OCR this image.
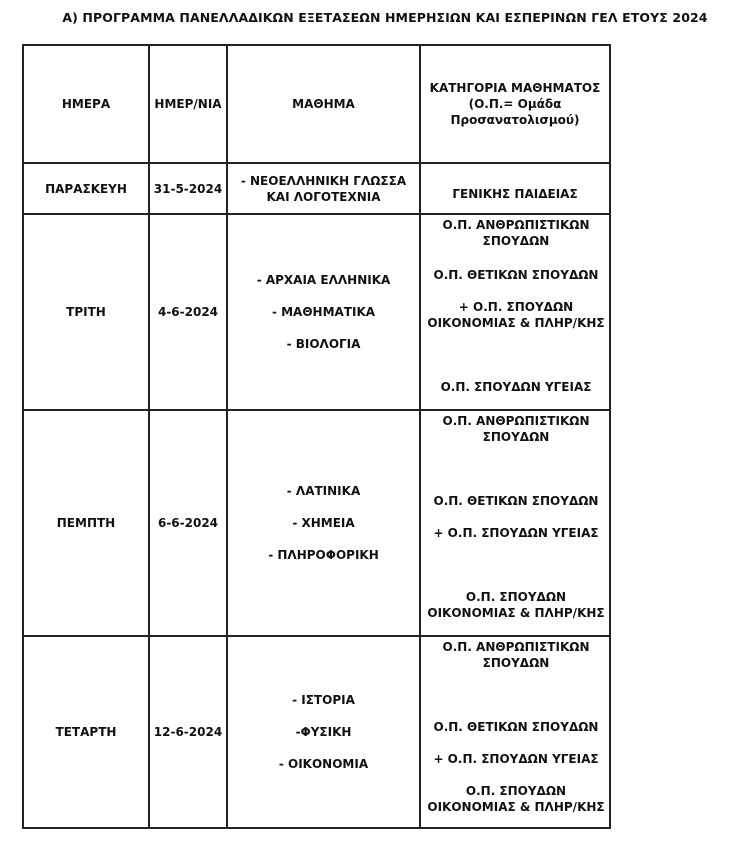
Α) ΠΡΟΓΡΑΜΜΑ ΠΑΝΕΛΛΑΔΙΚΩΝ ΕΞΕΤΑΣΕΩΝ ΗΜΕΡΗΣΙΩΝ ΚΑΙ ΕΣΠΕΡΙΝΩΝ ΓΕΛ ΕΤΟΥΣ 2024
ΗΜΕΡΑ	ΗΜΕΡ/ΝΙΑ	ΜΑΘΗΜΑ	ΚΑΤΗΓΟΡΙΑ ΜΑΘΗΜΑΤΟΣ
(Ο.Π.= Ομάδα
Προσανατολισμού)

ΠΑΡΑΣΚΕΥΗ	31-5-2024	- ΝΕΟΕΛΛΗΝΙΚΗ ΓΛΩΣΣΑ
ΚΑΙ ΛΟΓΟΤΕΧΝΙΑ	ΓΕΝΙΚΗΣ ΠΑΙΔΕΙΑΣ
ΤΡΙΤΗ	4-6-2024	- ΑΡΧΑΙΑ ΕΛΛΗΝΙΚΑ
- ΜΑΘΗΜΑΤΙΚΑ
- ΒΙΟΛΟΓΙΑ	Ο.Π. ΑΝΘΡΩΠΙΣΤΙΚΩΝ ΣΠΟΥΔΩΝ
Ο.Π. ΘΕΤΙΚΩΝ ΣΠΟΥΔΩΝ
+ Ο.Π. ΣΠΟΥΔΩΝ ΟΙΚΟΝΟΜΙΑΣ & ΠΛΗΡ/ΚΗΣ
Ο.Π. ΣΠΟΥΔΩΝ ΥΓΕΙΑΣ

ΠΕΜΠΤΗ	6-6-2024	- ΛΑΤΙΝΙΚΑ
- ΧΗΜΕΙΑ
- ΠΛΗΡΟΦΟΡΙΚΗ	Ο.Π. ΑΝΘΡΩΠΙΣΤΙΚΩΝ ΣΠΟΥΔΩΝ
Ο.Π. ΘΕΤΙΚΩΝ ΣΠΟΥΔΩΝ
+ Ο.Π. ΣΠΟΥΔΩΝ ΥΓΕΙΑΣ
Ο.Π. ΣΠΟΥΔΩΝ ΟΙΚΟΝΟΜΙΑΣ & ΠΛΗΡ/ΚΗΣ

ΤΕΤΑΡΤΗ	12-6-2024	- ΙΣΤΟΡΙΑ
-ΦΥΣΙΚΗ
- ΟΙΚΟΝΟΜΙΑ	Ο.Π. ΑΝΘΡΩΠΙΣΤΙΚΩΝ ΣΠΟΥΔΩΝ
Ο.Π. ΘΕΤΙΚΩΝ ΣΠΟΥΔΩΝ
+ Ο.Π. ΣΠΟΥΔΩΝ ΥΓΕΙΑΣ
Ο.Π. ΣΠΟΥΔΩΝ ΟΙΚΟΝΟΜΙΑΣ & ΠΛΗΡ/ΚΗΣ
